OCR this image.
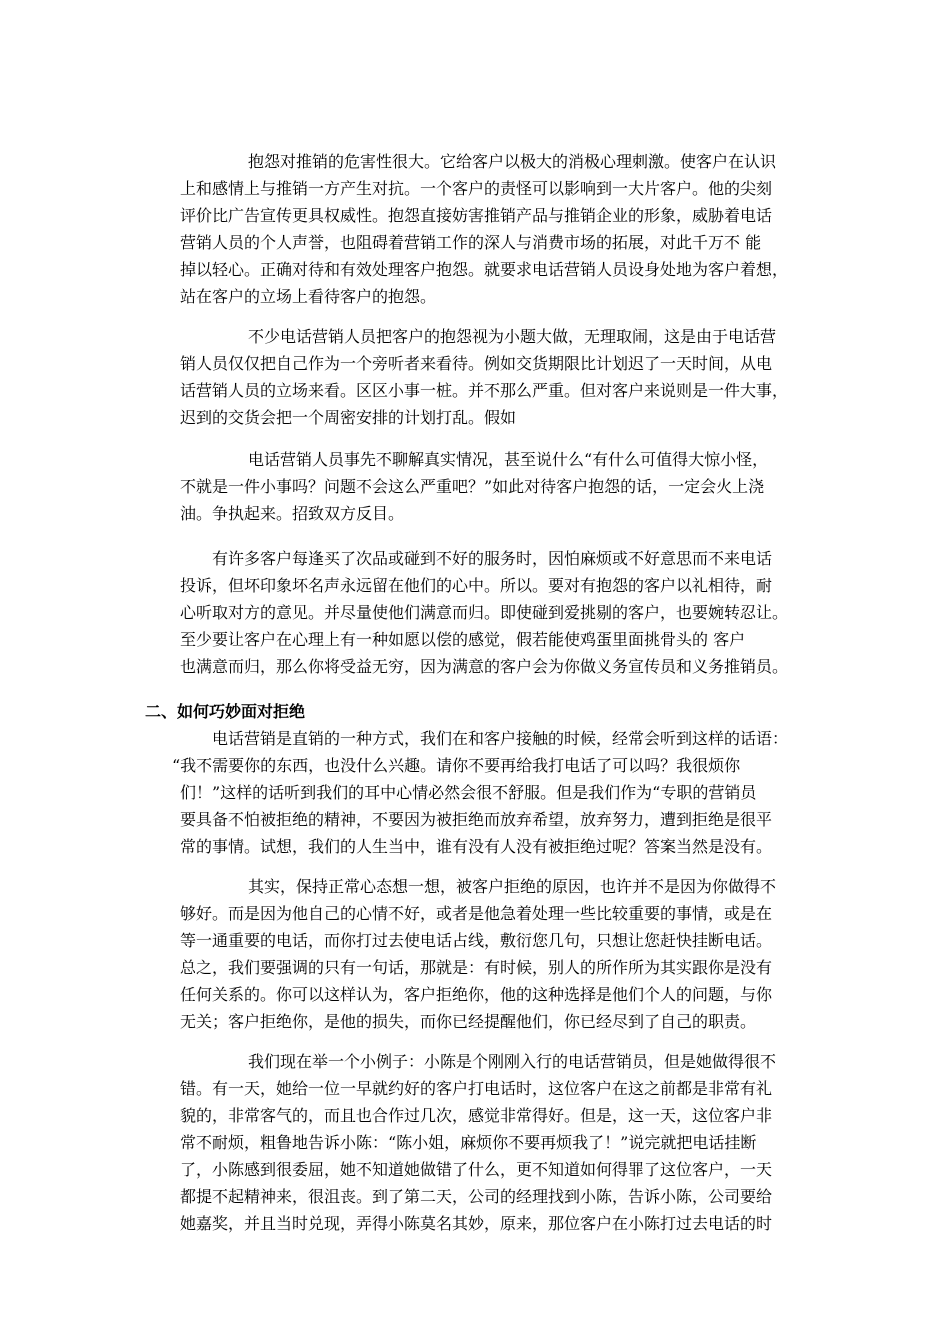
抱怨对推销的危害性很大。它给客户以极大的消极心理刺激。使客户在认识
上和感情上与推销一方产生对抗。一个客户的责怪可以影响到一大片客户。他的尖刻
评价比广告宣传更具权威性。抱怨直接妨害推销产品与推销企业的形象，威胁着电话
营销人员的个人声誉，也阻碍着营销工作的深人与消费市场的拓展，对此千万不 能
掉以轻心。正确对待和有效处理客户抱怨。就要求电话营销人员设身处地为客户着想，
站在客户的立场上看待客户的抱怨。
不少电话营销人员把客户的抱怨视为小题大做，无理取闹，这是由于电话营
销人员仅仅把自己作为一个旁听者来看待。例如交货期限比计划迟了一天时间，从电
话营销人员的立场来看。区区小事一桩。并不那么严重。但对客户来说则是一件大事，
迟到的交货会把一个周密安排的计划打乱。假如
电话营销人员事先不聊解真实情况，甚至说什么“有什么可值得大惊小怪，
不就是一件小事吗？问题不会这么严重吧？”如此对待客户抱怨的话，一定会火上浇
油。争执起来。招致双方反目。
有许多客户每逢买了次品或碰到不好的服务时，因怕麻烦或不好意思而不来电话
投诉，但坏印象坏名声永远留在他们的心中。所以。要对有抱怨的客户以礼相待，耐
心听取对方的意见。并尽量使他们满意而归。即使碰到爱挑剔的客户，也要婉转忍让。
至少要让客户在心理上有一种如愿以偿的感觉，假若能使鸡蛋里面挑骨头的 客户
也满意而归，那么你将受益无穷，因为满意的客户会为你做义务宣传员和义务推销员。
二、如何巧妙面对拒绝
电话营销是直销的一种方式，我们在和客户接触的时候，经常会听到这样的话语：
“我不需要你的东西，也没什么兴趣。请你不要再给我打电话了可以吗？我很烦你
们！”这样的话听到我们的耳中心情必然会很不舒服。但是我们作为“专职的营销员
要具备不怕被拒绝的精神，不要因为被拒绝而放弃希望，放弃努力，遭到拒绝是很平
常的事情。试想，我们的人生当中，谁有没有人没有被拒绝过呢？答案当然是没有。
其实，保持正常心态想一想，被客户拒绝的原因，也许并不是因为你做得不
够好。而是因为他自己的心情不好，或者是他急着处理一些比较重要的事情，或是在
等一通重要的电话，而你打过去使电话占线，敷衍您几句，只想让您赶快挂断电话。
总之，我们要强调的只有一句话，那就是：有时候，别人的所作所为其实跟你是没有
任何关系的。你可以这样认为，客户拒绝你，他的这种选择是他们个人的问题，与你
无关；客户拒绝你，是他的损失，而你已经提醒他们，你已经尽到了自己的职责。
我们现在举一个小例子：小陈是个刚刚入行的电话营销员，但是她做得很不
错。有一天，她给一位一早就约好的客户打电话时，这位客户在这之前都是非常有礼
貌的，非常客气的，而且也合作过几次，感觉非常得好。但是，这一天，这位客户非
常不耐烦，粗鲁地告诉小陈：“陈小姐，麻烦你不要再烦我了！”说完就把电话挂断
了，小陈感到很委屈，她不知道她做错了什么，更不知道如何得罪了这位客户，一天
都提不起精神来，很沮丧。到了第二天，公司的经理找到小陈，告诉小陈，公司要给
她嘉奖，并且当时兑现，弄得小陈莫名其妙，原来，那位客户在小陈打过去电话的时
